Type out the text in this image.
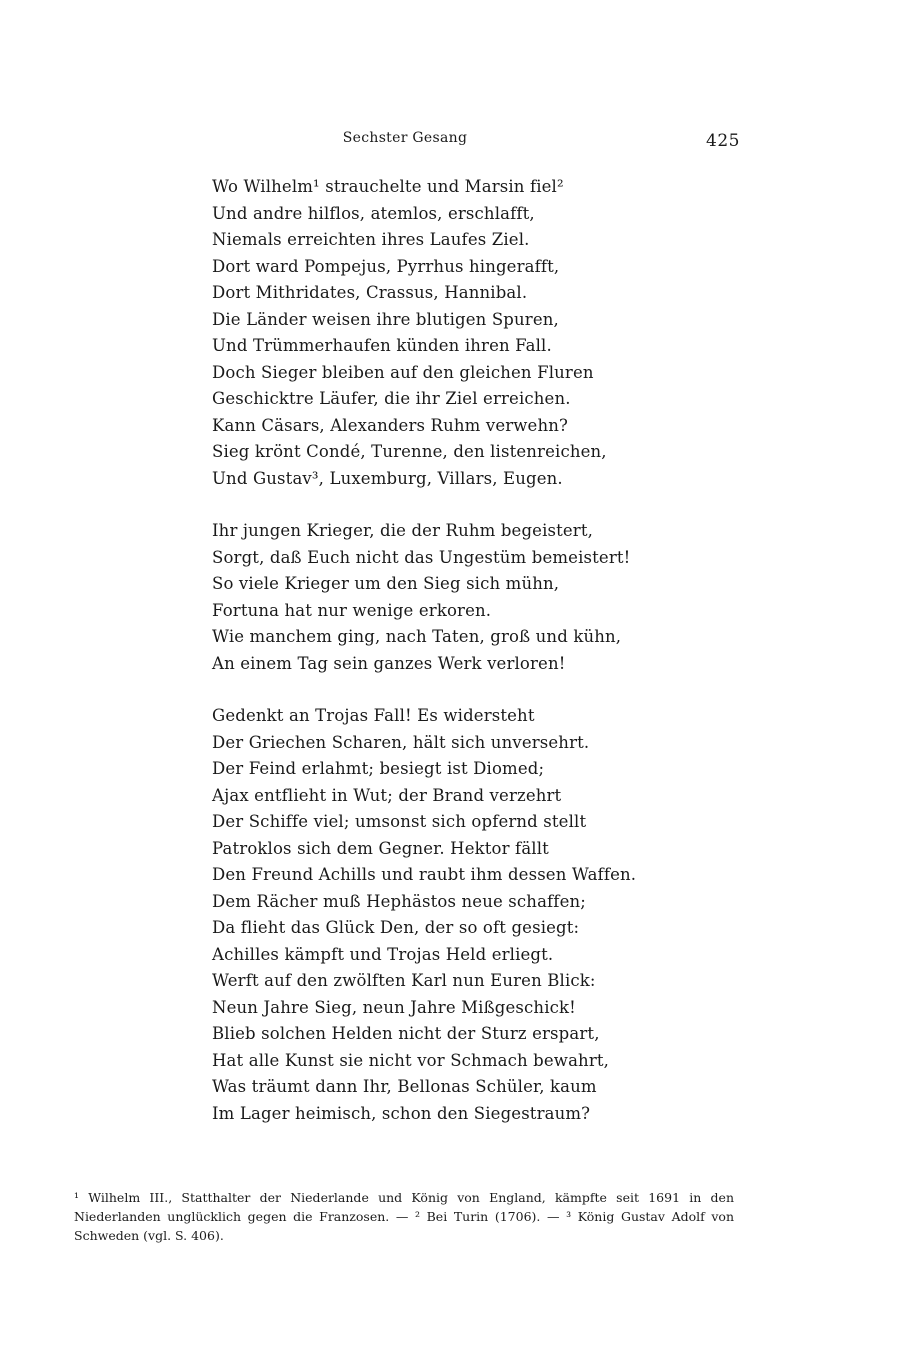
Sechster Gesang	425
Wo Wilhelm¹ strauchelte und Marsin fiel²
Und andre hilflos, atemlos, erschlafft,
Niemals erreichten ihres Laufes Ziel.
Dort ward Pompejus, Pyrrhus hingerafft,
Dort Mithridates, Crassus, Hannibal.
Die Länder weisen ihre blutigen Spuren,
Und Trümmerhaufen künden ihren Fall.
Doch Sieger bleiben auf den gleichen Fluren
Geschicktre Läufer, die ihr Ziel erreichen.
Kann Cäsars, Alexanders Ruhm verwehn?
Sieg krönt Condé, Turenne, den listenreichen,
Und Gustav³, Luxemburg, Villars, Eugen.
Ihr jungen Krieger, die der Ruhm begeistert,
Sorgt, daß Euch nicht das Ungestüm bemeistert!
So viele Krieger um den Sieg sich mühn,
Fortuna hat nur wenige erkoren.
Wie manchem ging, nach Taten, groß und kühn,
An einem Tag sein ganzes Werk verloren!
Gedenkt an Trojas Fall! Es widersteht
Der Griechen Scharen, hält sich unversehrt.
Der Feind erlahmt; besiegt ist Diomed;
Ajax entflieht in Wut; der Brand verzehrt
Der Schiffe viel; umsonst sich opfernd stellt
Patroklos sich dem Gegner. Hektor fällt
Den Freund Achills und raubt ihm dessen Waffen.
Dem Rächer muß Hephästos neue schaffen;
Da flieht das Glück Den, der so oft gesiegt:
Achilles kämpft und Trojas Held erliegt.
Werft auf den zwölften Karl nun Euren Blick:
Neun Jahre Sieg, neun Jahre Mißgeschick!
Blieb solchen Helden nicht der Sturz erspart,
Hat alle Kunst sie nicht vor Schmach bewahrt,
Was träumt dann Ihr, Bellonas Schüler, kaum
Im Lager heimisch, schon den Siegestraum?

¹ Wilhelm III., Statthalter der Niederlande und König von England, kämpfte seit 1691 in den Niederlanden unglücklich gegen die Franzosen. — ² Bei Turin (1706). — ³ König Gustav Adolf von Schweden (vgl. S. 406).
